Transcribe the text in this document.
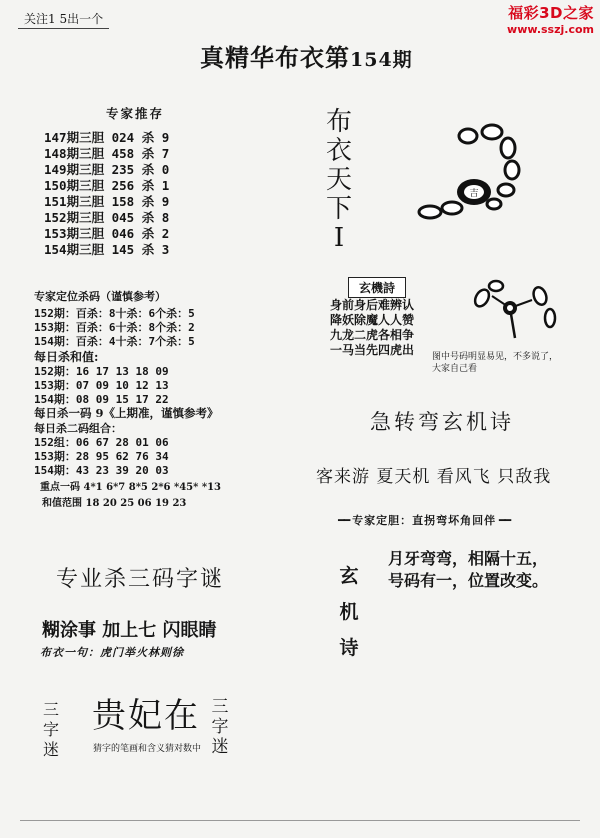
关注1 5出一个	福彩3D之家
www.sszj.com
真精华布衣第154期
专家推存
147期三胆 024 杀 9
148期三胆 458 杀 7
149期三胆 235 杀 0
150期三胆 256 杀 1
151期三胆 158 杀 9
152期三胆 045 杀 8
153期三胆 046 杀 2
154期三胆 145 杀 3
专家定位杀码（谨慎参考）
152期：百杀：8十杀：6个杀：5
153期：百杀：6十杀：8个杀：2
154期：百杀：4十杀：7个杀：5
每日杀和值:
152期：16 17 13 18 09
153期：07 09 10 12 13
154期：08 09 15 17 22
每日杀一码 9《上期准，谨慎参考》
每日杀二码组合：
152组：06 67 28 01 06
153期：28 95 62 76 34
154期：43 23 39 20 03
重点一码 4*1 6*7 8*5 2*6 *45* *13
和值范围 18 20 25 06 19 23
专业杀三码字谜
糊涂事 加上七 闪眼睛
布衣一句：虎门举火林则徐
三字迷
贵妃在 三字迷
猜字的笔画和含义猜对数中
布衣天下I
吉
玄機詩
身前身后难辨认
降妖除魔人人赞
九龙二虎各相争
一马当先四虎出 图中号码明显易见，不多说了，大家自己看
急转弯玄机诗
客来游 夏天机 看风飞 只敌我
━━ 专家定胆：直拐弯坏角回伴 ━━
玄机诗
月牙弯弯，相隔十五，
号码有一，位置改变。
